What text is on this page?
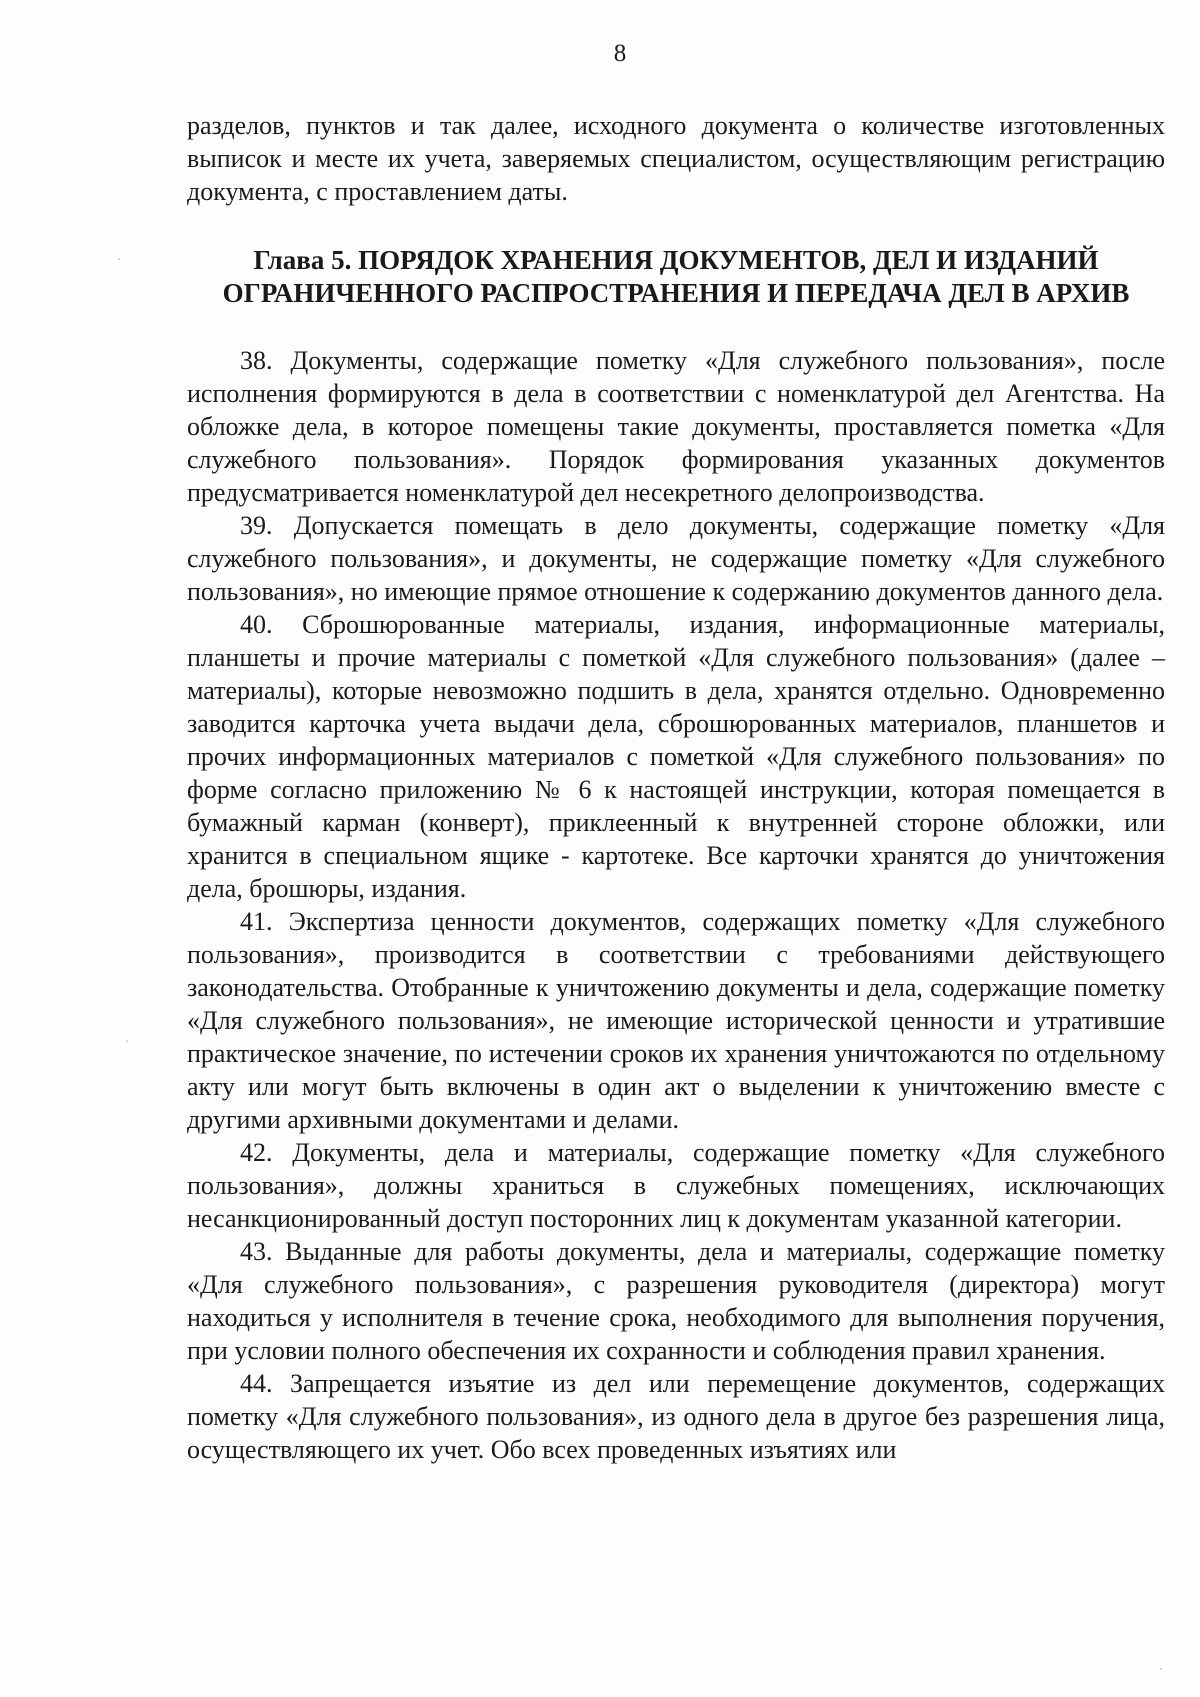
8

разделов, пунктов и так далее, исходного документа о количестве изготовленных выписок и месте их учета, заверяемых специалистом, осуществляющим регистрацию документа, с проставлением даты.

Глава 5. ПОРЯДОК ХРАНЕНИЯ ДОКУМЕНТОВ, ДЕЛ И ИЗДАНИЙ
ОГРАНИЧЕННОГО РАСПРОСТРАНЕНИЯ И ПЕРЕДАЧА ДЕЛ В АРХИВ

38. Документы, содержащие пометку «Для служебного пользования», после исполнения формируются в дела в соответствии с номенклатурой дел Агентства. На обложке дела, в которое помещены такие документы, проставляется пометка «Для служебного пользования». Порядок формирования указанных документов предусматривается номенклатурой дел несекретного делопроизводства.

39. Допускается помещать в дело документы, содержащие пометку «Для служебного пользования», и документы, не содержащие пометку «Для служебного пользования», но имеющие прямое отношение к содержанию документов данного дела.

40. Сброшюрованные материалы, издания, информационные материалы, планшеты и прочие материалы с пометкой «Для служебного пользования» (далее – материалы), которые невозможно подшить в дела, хранятся отдельно. Одновременно заводится карточка учета выдачи дела, сброшюрованных материалов, планшетов и прочих информационных материалов с пометкой «Для служебного пользования» по форме согласно приложению № 6 к настоящей инструкции, которая помещается в бумажный карман (конверт), приклеенный к внутренней стороне обложки, или хранится в специальном ящике - картотеке. Все карточки хранятся до уничтожения дела, брошюры, издания.

41. Экспертиза ценности документов, содержащих пометку «Для служебного пользования», производится в соответствии с требованиями действующего законодательства. Отобранные к уничтожению документы и дела, содержащие пометку «Для служебного пользования», не имеющие исторической ценности и утратившие практическое значение, по истечении сроков их хранения уничтожаются по отдельному акту или могут быть включены в один акт о выделении к уничтожению вместе с другими архивными документами и делами.

42. Документы, дела и материалы, содержащие пометку «Для служебного пользования», должны храниться в служебных помещениях, исключающих несанкционированный доступ посторонних лиц к документам указанной категории.

43. Выданные для работы документы, дела и материалы, содержащие пометку «Для служебного пользования», с разрешения руководителя (директора) могут находиться у исполнителя в течение срока, необходимого для выполнения поручения, при условии полного обеспечения их сохранности и соблюдения правил хранения.

44. Запрещается изъятие из дел или перемещение документов, содержащих пометку «Для служебного пользования», из одного дела в другое без разрешения лица, осуществляющего их учет. Обо всех проведенных изъятиях или
